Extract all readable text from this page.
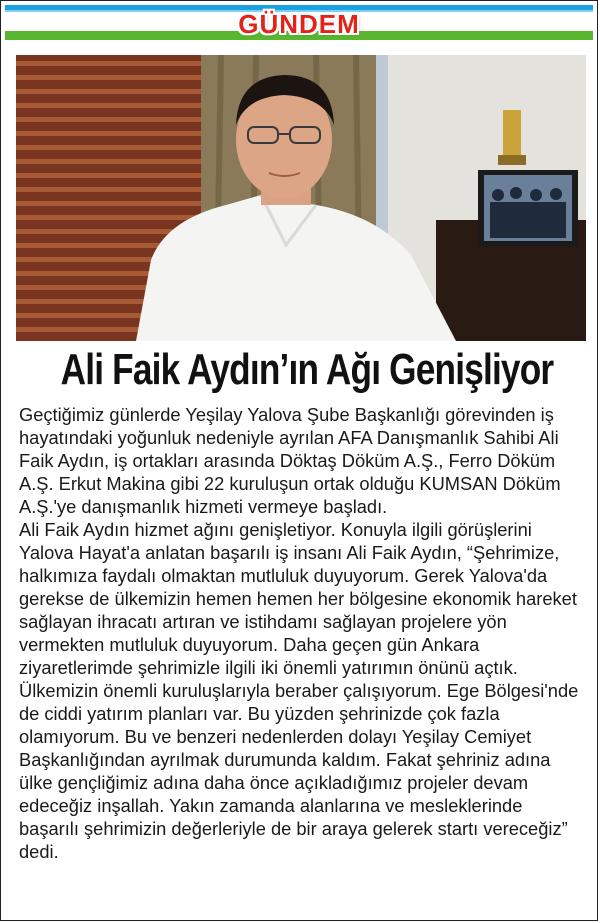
GÜNDEM
Ali Faik Aydın’ın Ağı Genişliyor

Geçtiğimiz günlerde Yeşilay Yalova Şube Başkanlığı görevinden iş hayatındaki yoğunluk nedeniyle ayrılan AFA Danışmanlık Sahibi Ali Faik Aydın, iş ortakları arasında Döktaş Döküm A.Ş., Ferro Döküm A.Ş. Erkut Makina gibi 22 kuruluşun ortak olduğu KUMSAN Döküm A.Ş.'ye danışmanlık hizmeti vermeye başladı.

Ali Faik Aydın hizmet ağını genişletiyor. Konuyla ilgili görüşlerini Yalova Hayat'a anlatan başarılı iş insanı Ali Faik Aydın, “Şehrimize, halkımıza faydalı olmaktan mutluluk duyuyorum. Gerek Yalova'da gerekse de ülkemizin hemen hemen her bölgesine ekonomik hareket sağlayan ihracatı artıran ve istihdamı sağlayan projelere yön vermekten mutluluk duyuyorum. Daha geçen gün Ankara ziyaretlerimde şehrimizle ilgili iki önemli yatırımın önünü açtık. Ülkemizin önemli kuruluşlarıyla beraber çalışıyorum. Ege Bölgesi'nde de ciddi yatırım planları var. Bu yüzden şehrinizde çok fazla olamıyorum. Bu ve benzeri nedenlerden dolayı Yeşilay Cemiyet Başkanlığından ayrılmak durumunda kaldım. Fakat şehriniz adına ülke gençliğimiz adına daha önce açıkladığımız projeler devam edeceğiz inşallah. Yakın zamanda alanlarına ve mesleklerinde başarılı şehrimizin değerleriyle de bir araya gelerek startı vereceğiz” dedi.
